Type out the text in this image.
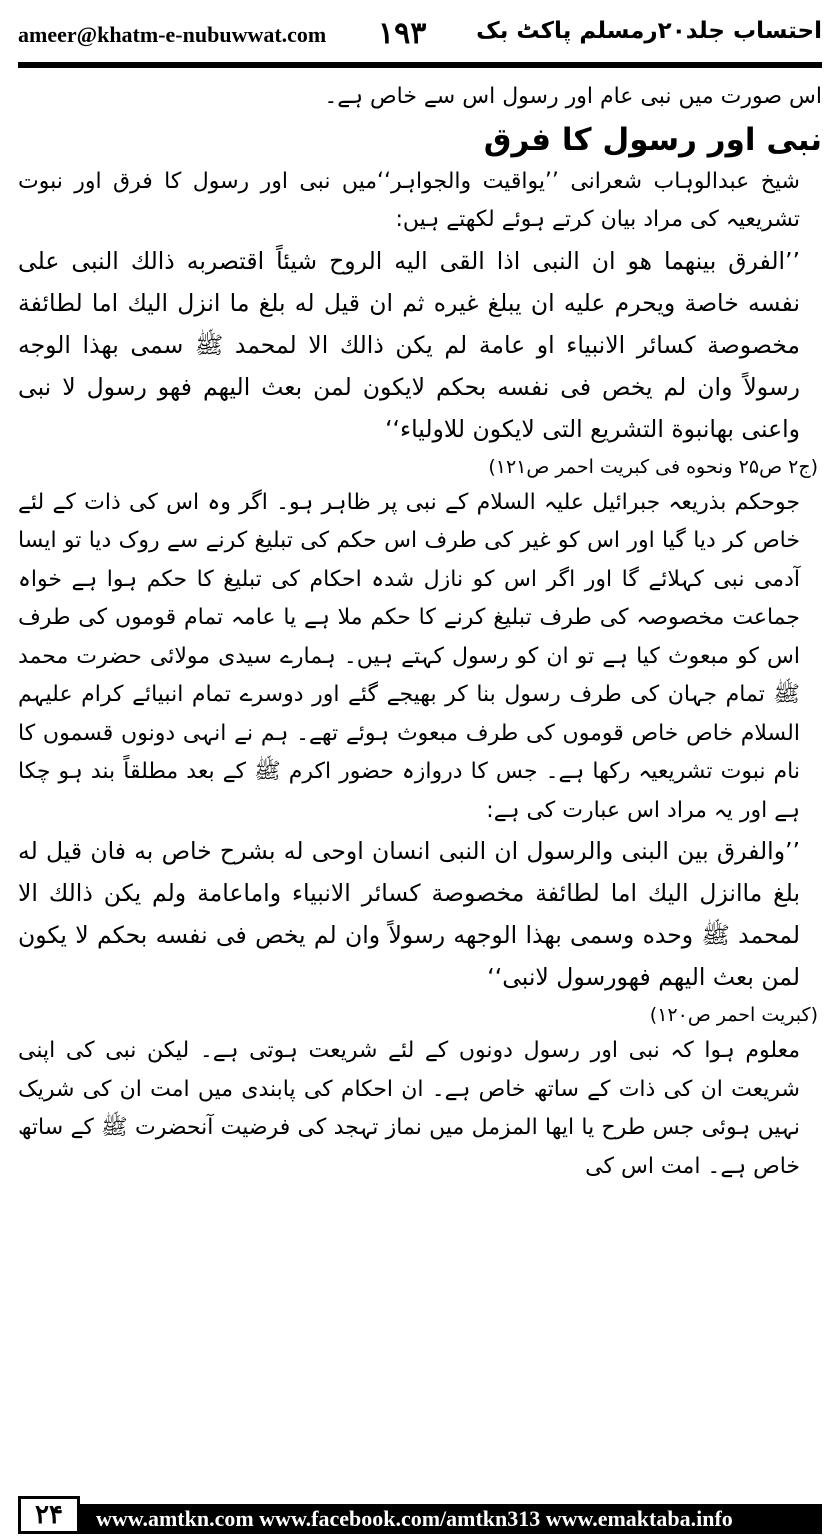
ameer@khatm-e-nubuwwat.com ۱۹۳ احتساب جلد۲۰رمسلم پاکٹ بک

اس صورت میں نبی عام اور رسول اس سے خاص ہے۔

نبی اور رسول کا فرق

شیخ عبدالوہاب شعرانی ’’یواقیت والجواہر‘‘میں نبی اور رسول کا فرق اور نبوت تشریعیہ کی مراد بیان کرتے ہوئے لکھتے ہیں:

’’الفرق بینهما هو ان النبی اذا القی الیه الروح شیئاً اقتصربه ذالك النبی علی نفسه خاصة ویحرم علیه ان یبلغ غیره ثم ان قیل له بلغ ما انزل الیك اما لطائفة مخصوصة کسائر الانبیاء او عامة لم یكن ذالك الا لمحمد ﷺ سمی بهذا الوجه رسولاً وان لم یخص فی نفسه بحکم لایکون لمن بعث الیهم فهو رسول لا نبی واعنی بهانبوة التشریع التی لایکون للاولیاء‘‘

(ج۲ ص۲۵ ونحوه فی کبریت احمر ص۱۲۱)

جوحکم بذریعہ جبرائیل علیہ السلام کے نبی پر ظاہر ہو۔ اگر وہ اس کی ذات کے لئے خاص کر دیا گیا اور اس کو غیر کی طرف اس حکم کی تبلیغ کرنے سے روک دیا تو ایسا آدمی نبی کہلائے گا اور اگر اس کو نازل شدہ احکام کی تبلیغ کا حکم ہوا ہے خواہ جماعت مخصوصہ کی طرف تبلیغ کرنے کا حکم ملا ہے یا عامہ تمام قوموں کی طرف اس کو مبعوث کیا ہے تو ان کو رسول کہتے ہیں۔ ہمارے سیدی مولائی حضرت محمد ﷺ تمام جہان کی طرف رسول بنا کر بھیجے گئے اور دوسرے تمام انبیائے کرام علیہم السلام خاص خاص قوموں کی طرف مبعوث ہوئے تھے۔ ہم نے انہی دونوں قسموں کا نام نبوت تشریعیہ رکھا ہے۔ جس کا دروازہ حضور اکرم ﷺ کے بعد مطلقاً بند ہو چکا ہے اور یہ مراد اس عبارت کی ہے:

’’والفرق بین البنی والرسول ان النبی انسان اوحی له بشرح خاص به فان قیل له بلغ ماانزل الیك اما لطائفة مخصوصة کسائر الانبیاء واماعامة ولم یكن ذالك الا لمحمد ﷺ وحده وسمی بهذا الوجهه رسولاً وان لم یخص فی نفسه بحکم لا یکون لمن بعث الیهم فهورسول لانبی‘‘

(کبریت احمر ص۱۲۰)

معلوم ہوا کہ نبی اور رسول دونوں کے لئے شریعت ہوتی ہے۔ لیکن نبی کی اپنی شریعت ان کی ذات کے ساتھ خاص ہے۔ ان احکام کی پابندی میں امت ان کی شریک نہیں ہوئی جس طرح یا ایها المزمل میں نماز تہجد کی فرضیت آنحضرت ﷺ کے ساتھ خاص ہے۔ امت اس کی

۲۴	www.amtkn.com www.facebook.com/amtkn313 www.emaktaba.info
